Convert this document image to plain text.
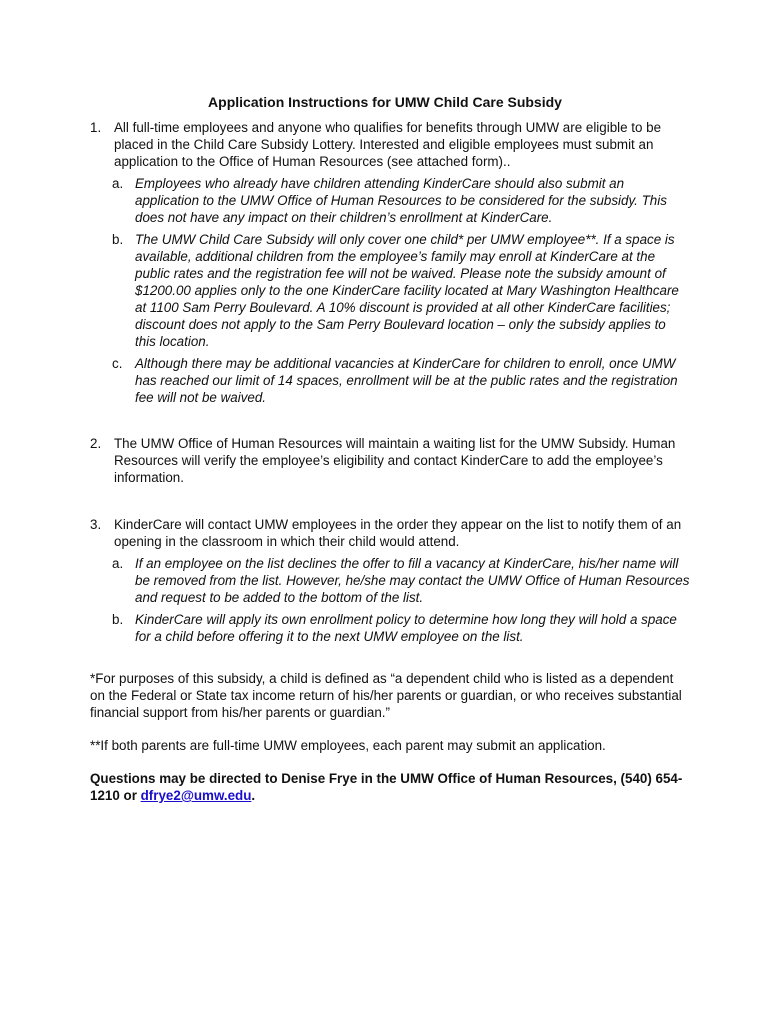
Application Instructions for UMW Child Care Subsidy
1. All full-time employees and anyone who qualifies for benefits through UMW are eligible to be placed in the Child Care Subsidy Lottery. Interested and eligible employees must submit an application to the Office of Human Resources (see attached form)..
a. Employees who already have children attending KinderCare should also submit an application to the UMW Office of Human Resources to be considered for the subsidy. This does not have any impact on their children’s enrollment at KinderCare.
b. The UMW Child Care Subsidy will only cover one child* per UMW employee**. If a space is available, additional children from the employee’s family may enroll at KinderCare at the public rates and the registration fee will not be waived. Please note the subsidy amount of $1200.00 applies only to the one KinderCare facility located at Mary Washington Healthcare at 1100 Sam Perry Boulevard. A 10% discount is provided at all other KinderCare facilities; discount does not apply to the Sam Perry Boulevard location – only the subsidy applies to this location.
c. Although there may be additional vacancies at KinderCare for children to enroll, once UMW has reached our limit of 14 spaces, enrollment will be at the public rates and the registration fee will not be waived.
2. The UMW Office of Human Resources will maintain a waiting list for the UMW Subsidy. Human Resources will verify the employee’s eligibility and contact KinderCare to add the employee’s information.
3. KinderCare will contact UMW employees in the order they appear on the list to notify them of an opening in the classroom in which their child would attend.
a. If an employee on the list declines the offer to fill a vacancy at KinderCare, his/her name will be removed from the list. However, he/she may contact the UMW Office of Human Resources and request to be added to the bottom of the list.
b. KinderCare will apply its own enrollment policy to determine how long they will hold a space for a child before offering it to the next UMW employee on the list.
*For purposes of this subsidy, a child is defined as “a dependent child who is listed as a dependent on the Federal or State tax income return of his/her parents or guardian, or who receives substantial financial support from his/her parents or guardian.”
**If both parents are full-time UMW employees, each parent may submit an application.
Questions may be directed to Denise Frye in the UMW Office of Human Resources, (540) 654-1210 or dfrye2@umw.edu.
